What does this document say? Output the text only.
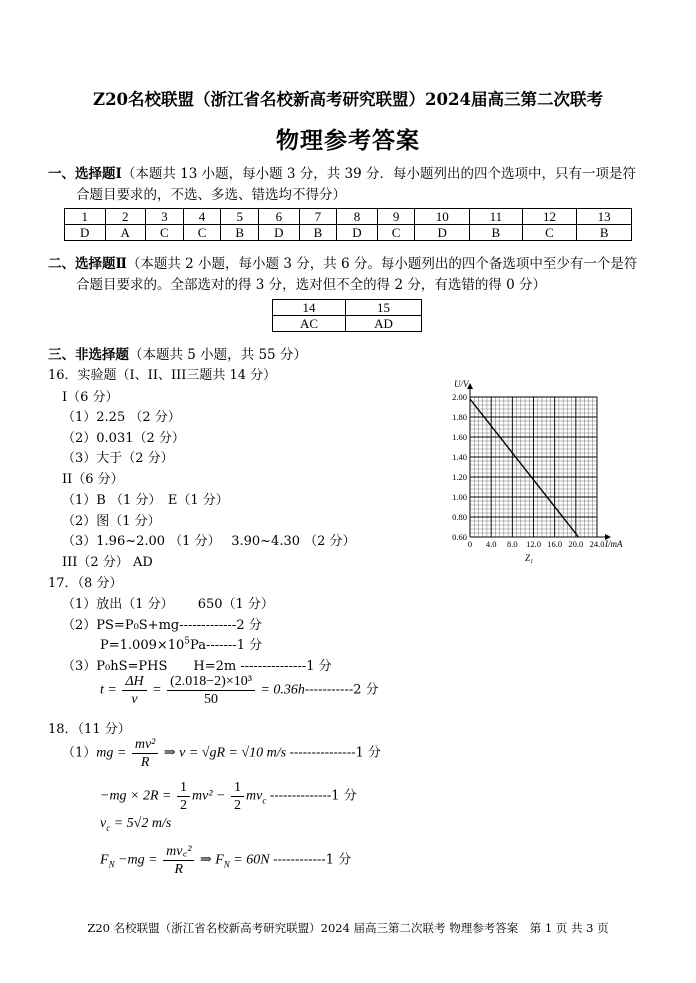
Z20名校联盟（浙江省名校新高考研究联盟）2024届高三第二次联考
物理参考答案
一、选择题Ⅰ（本题共 13 小题，每小题 3 分，共 39 分．每小题列出的四个选项中，只有一项是符
合题目要求的，不选、多选、错选均不得分）
1	2	3	4	5	6	7	8	9	10	11	12	13
D	A	C	C	B	D	B	D	C	D	B	C	B
二、选择题Ⅱ（本题共 2 小题，每小题 3 分，共 6 分。每小题列出的四个备选项中至少有一个是符
合题目要求的。全部选对的得 3 分，选对但不全的得 2 分，有选错的得 0 分）
14	15
AC	AD
三、非选择题（本题共 5 小题，共 55 分）
16．实验题（I、II、III三题共 14 分）
I（6 分）
（1）2.25 （2 分）
（2）0.031（2 分）
（3）大于（2 分）
II（6 分）
（1）B （1 分）　E（1 分）
（2）图（1 分）
（3）1.96~2.00 （1 分）　 3.90~4.30 （2 分）
III（2 分） AD
2.00
1.80
1.60
1.40
1.20
1.00
0.80
0.60
0 4.0 8.0 12.0 16.0 20.0 24.0
U/V
I/mA
Z₁
17．（8 分）
（1）放出（1 分） 650（1 分）
（2）PS=P₀S+mg-------------2 分
$P=1.009\times 10^5Pa-------1$ 分
（3）P₀hS=PHS　　H=2m ---------------1 分
$t = \frac{\Delta H}{v} = \frac{\text{(2.018−2)×10³}}{50} = 0.36h-----------2$ 分
18．（11 分）
$(1)mg = \frac{\text{mv²}}{R}$ ⇒ v = √gR = √10 m/s ---------------1 分
$-mg \times 2R = \frac{1}{2} mv^2 - \frac{1}{2} mv_c$ --------------1 分
$v_c = 5√2$ m/s
$F_N -mg = \frac{\text{mv꜀²}}{R}$ ⇒ $F_N = 60N$ ------------1 分
Z20 名校联盟（浙江省名校新高考研究联盟）2024 届高三第二次联考 物理参考答案　第 1 页 共 3 页
